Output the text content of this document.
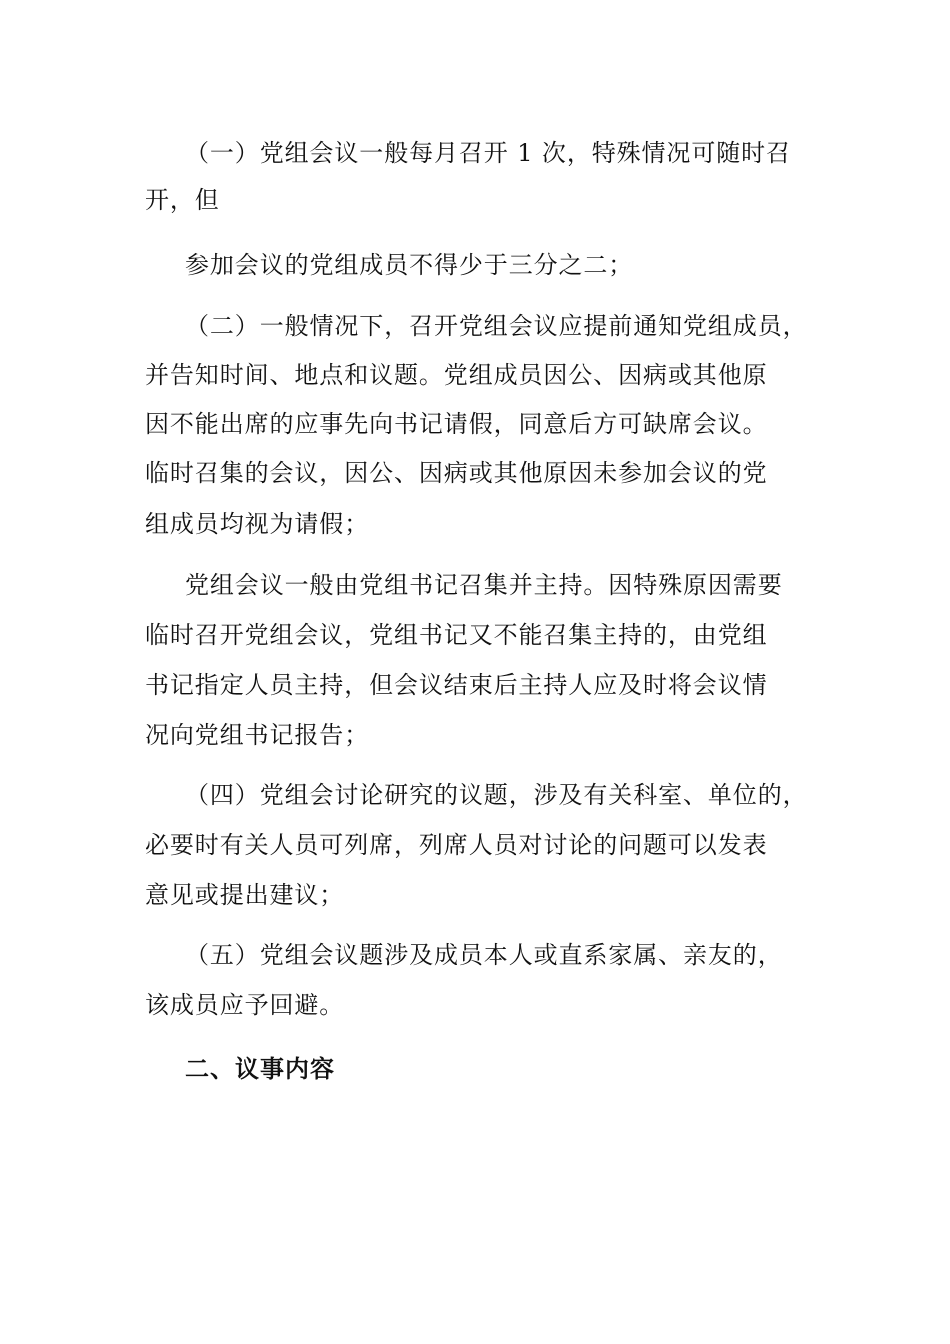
（一）党组会议一般每月召开 1 次，特殊情况可随时召
开，但
参加会议的党组成员不得少于三分之二；
（二）一般情况下，召开党组会议应提前通知党组成员，
并告知时间、地点和议题。党组成员因公、因病或其他原
因不能出席的应事先向书记请假，同意后方可缺席会议。
临时召集的会议，因公、因病或其他原因未参加会议的党
组成员均视为请假；
党组会议一般由党组书记召集并主持。因特殊原因需要
临时召开党组会议，党组书记又不能召集主持的，由党组
书记指定人员主持，但会议结束后主持人应及时将会议情
况向党组书记报告；
（四）党组会讨论研究的议题，涉及有关科室、单位的，
必要时有关人员可列席，列席人员对讨论的问题可以发表
意见或提出建议；
（五）党组会议题涉及成员本人或直系家属、亲友的，
该成员应予回避。
二、议事内容
